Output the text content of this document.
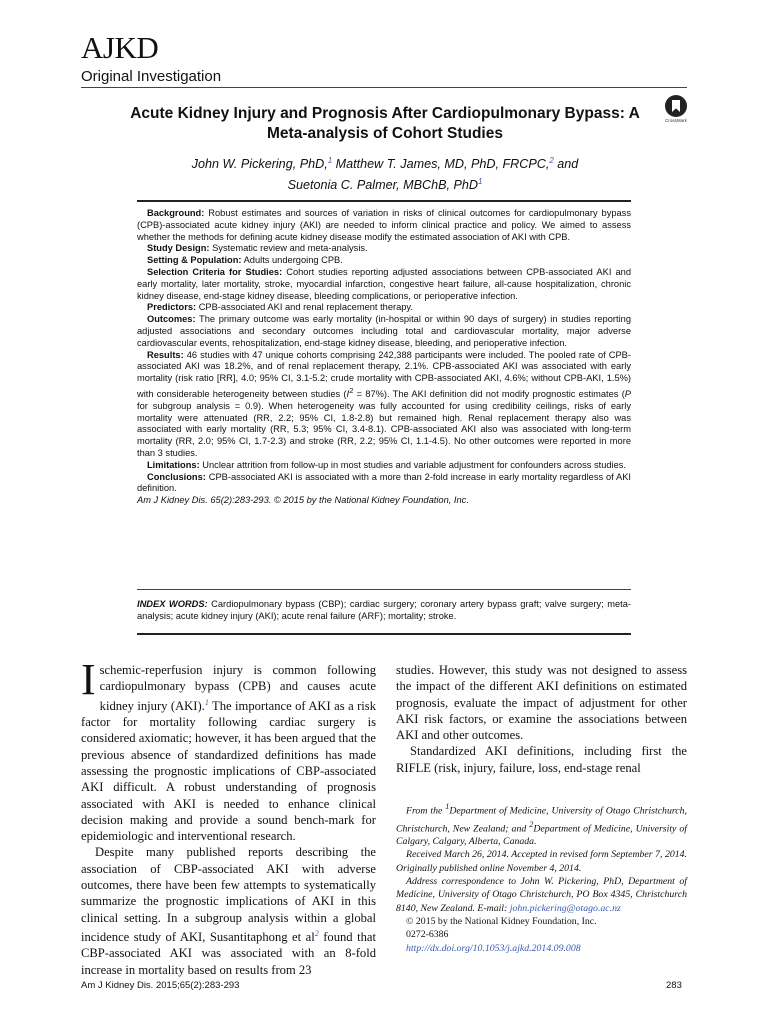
AJKD
Original Investigation
Acute Kidney Injury and Prognosis After Cardiopulmonary Bypass: A Meta-analysis of Cohort Studies
CrossMark
John W. Pickering, PhD,$^1$ Matthew T. James, MD, PhD, FRCPC,$^2$ and
Suetonia C. Palmer, MBChB, PhD$^1$

Background: Robust estimates and sources of variation in risks of clinical outcomes for cardiopulmonary bypass (CPB)-associated acute kidney injury (AKI) are needed to inform clinical practice and policy. We aimed to assess whether the methods for defining acute kidney disease modify the estimated association of AKI with CPB.

Study Design: Systematic review and meta-analysis.

Setting & Population: Adults undergoing CPB.

Selection Criteria for Studies: Cohort studies reporting adjusted associations between CPB-associated AKI and early mortality, later mortality, stroke, myocardial infarction, congestive heart failure, all-cause hospitalization, chronic kidney disease, end-stage kidney disease, bleeding complications, or perioperative infection.

Predictors: CPB-associated AKI and renal replacement therapy.

Outcomes: The primary outcome was early mortality (in-hospital or within 90 days of surgery) in studies reporting adjusted associations and secondary outcomes including total and cardiovascular mortality, major adverse cardiovascular events, rehospitalization, end-stage kidney disease, bleeding, and perioperative infection.

Results: 46 studies with 47 unique cohorts comprising 242,388 participants were included. The pooled rate of CPB-associated AKI was 18.2%, and of renal replacement therapy, 2.1%. CPB-associated AKI was associated with early mortality (risk ratio [RR], 4.0; 95% CI, 3.1-5.2; crude mortality with CPB-associated AKI, 4.6%; without CPB-AKI, 1.5%) with considerable heterogeneity between studies $(I^2 = 87\%)$. The AKI definition did not modify prognostic estimates (P for subgroup analysis = 0.9). When heterogeneity was fully accounted for using credibility ceilings, risks of early mortality were attenuated (RR, 2.2; 95% CI, 1.8-2.8) but remained high. Renal replacement therapy also was associated with early mortality (RR, 5.3; 95% CI, 3.4-8.1). CPB-associated AKI also was associated with long-term mortality (RR, 2.0; 95% CI, 1.7-2.3) and stroke (RR, 2.2; 95% CI, 1.1-4.5). No other outcomes were reported in more than 3 studies.

Limitations: Unclear attrition from follow-up in most studies and variable adjustment for confounders across studies.

Conclusions: CPB-associated AKI is associated with a more than 2-fold increase in early mortality regardless of AKI definition.

Am J Kidney Dis. 65(2):283-293. © 2015 by the National Kidney Foundation, Inc.

INDEX WORDS: Cardiopulmonary bypass (CBP); cardiac surgery; coronary artery bypass graft; valve surgery; meta-analysis; acute kidney injury (AKI); acute renal failure (ARF); mortality; stroke.

Ischemic-reperfusion injury is common following cardiopulmonary bypass (CPB) and causes acute kidney injury (AKI).$^1$ The importance of AKI as a risk factor for mortality following cardiac surgery is considered axiomatic; however, it has been argued that the previous absence of standardized definitions has made assessing the prognostic implications of CBP-associated AKI difficult. A robust understanding of prognosis associated with AKI is needed to enhance clinical decision making and provide a sound bench-mark for epidemiologic and interventional research.

Despite many published reports describing the association of CBP-associated AKI with adverse outcomes, there have been few attempts to systematically summarize the prognostic implications of AKI in this clinical setting. In a subgroup analysis within a global incidence study of AKI, Susantitaphong et $al^2$ found that CBP-associated AKI was associated with an 8-fold increase in mortality based on results from 23

studies. However, this study was not designed to assess the impact of the different AKI definitions on estimated prognosis, evaluate the impact of adjustment for other AKI risk factors, or examine the associations between AKI and other outcomes.

Standardized AKI definitions, including first the RIFLE (risk, injury, failure, loss, end-stage renal

From the $^1$Department of Medicine, University of Otago Christchurch, Christchurch, New Zealand; and $^2$Department of Medicine, University of Calgary, Calgary, Alberta, Canada.

Received March 26, 2014. Accepted in revised form September 7, 2014. Originally published online November 4, 2014.

Address correspondence to John W. Pickering, PhD, Department of Medicine, University of Otago Christchurch, PO Box 4345, Christchurch 8140, New Zealand. E-mail: john.pickering@otago.ac.nz

© 2015 by the National Kidney Foundation, Inc.

0272-6386

http://dx.doi.org/10.1053/j.ajkd.2014.09.008

Am J Kidney Dis. 2015;65(2):283-293	283
